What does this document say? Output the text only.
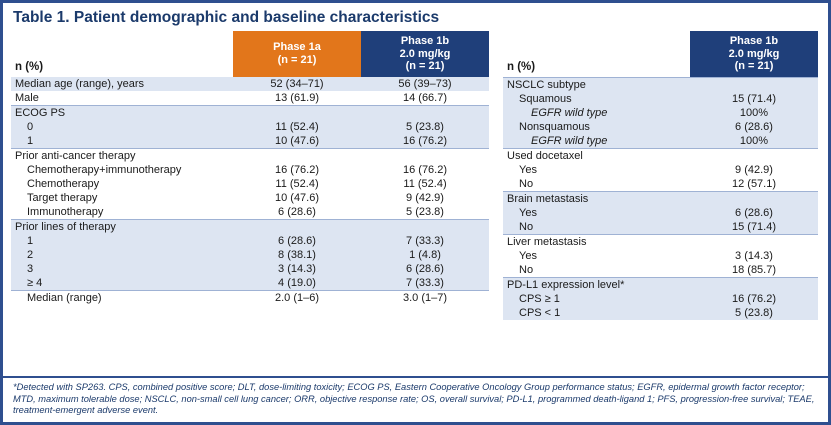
Table 1. Patient demographic and baseline characteristics
n (%)	
Phase 1a
(n = 21)

Phase 1b
2.0 mg/kg
(n = 21)

Median age (range), years	52 (34–71)	56 (39–73)
Male	13 (61.9)	14 (66.7)
ECOG PS		
0	11 (52.4)	5 (23.8)
1	10 (47.6)	16 (76.2)
Prior anti-cancer therapy		
Chemotherapy+immunotherapy	16 (76.2)	16 (76.2)
Chemotherapy	11 (52.4)	11 (52.4)
Target therapy	10 (47.6)	9 (42.9)
Immunotherapy	6 (28.6)	5 (23.8)
Prior lines of therapy		
1	6 (28.6)	7 (33.3)
2	8 (38.1)	1 (4.8)
3	3 (14.3)	6 (28.6)
≥ 4	4 (19.0)	7 (33.3)
Median (range)	2.0 (1–6)	3.0 (1–7)
n (%)	Phase 1b
2.0 mg/kg
(n = 21)

NSCLC subtype	
Squamous	15 (71.4)
EGFR wild type	100%
Nonsquamous	6 (28.6)
EGFR wild type	100%
Used docetaxel	
Yes	9 (42.9)
No	12 (57.1)
Brain metastasis	
Yes	6 (28.6)
No	15 (71.4)
Liver metastasis	
Yes	3 (14.3)
No	18 (85.7)
PD-L1 expression level*	
CPS ≥ 1	16 (76.2)
CPS < 1	5 (23.8)
*Detected with SP263. CPS, combined positive score; DLT, dose-limiting toxicity; ECOG PS, Eastern Cooperative Oncology Group performance status; EGFR, epidermal growth factor receptor; MTD, maximum tolerable dose; NSCLC, non-small cell lung cancer; ORR, objective response rate; OS, overall survival; PD-L1, programmed death-ligand 1; PFS, progression-free survival; TEAE, treatment-emergent adverse event.
